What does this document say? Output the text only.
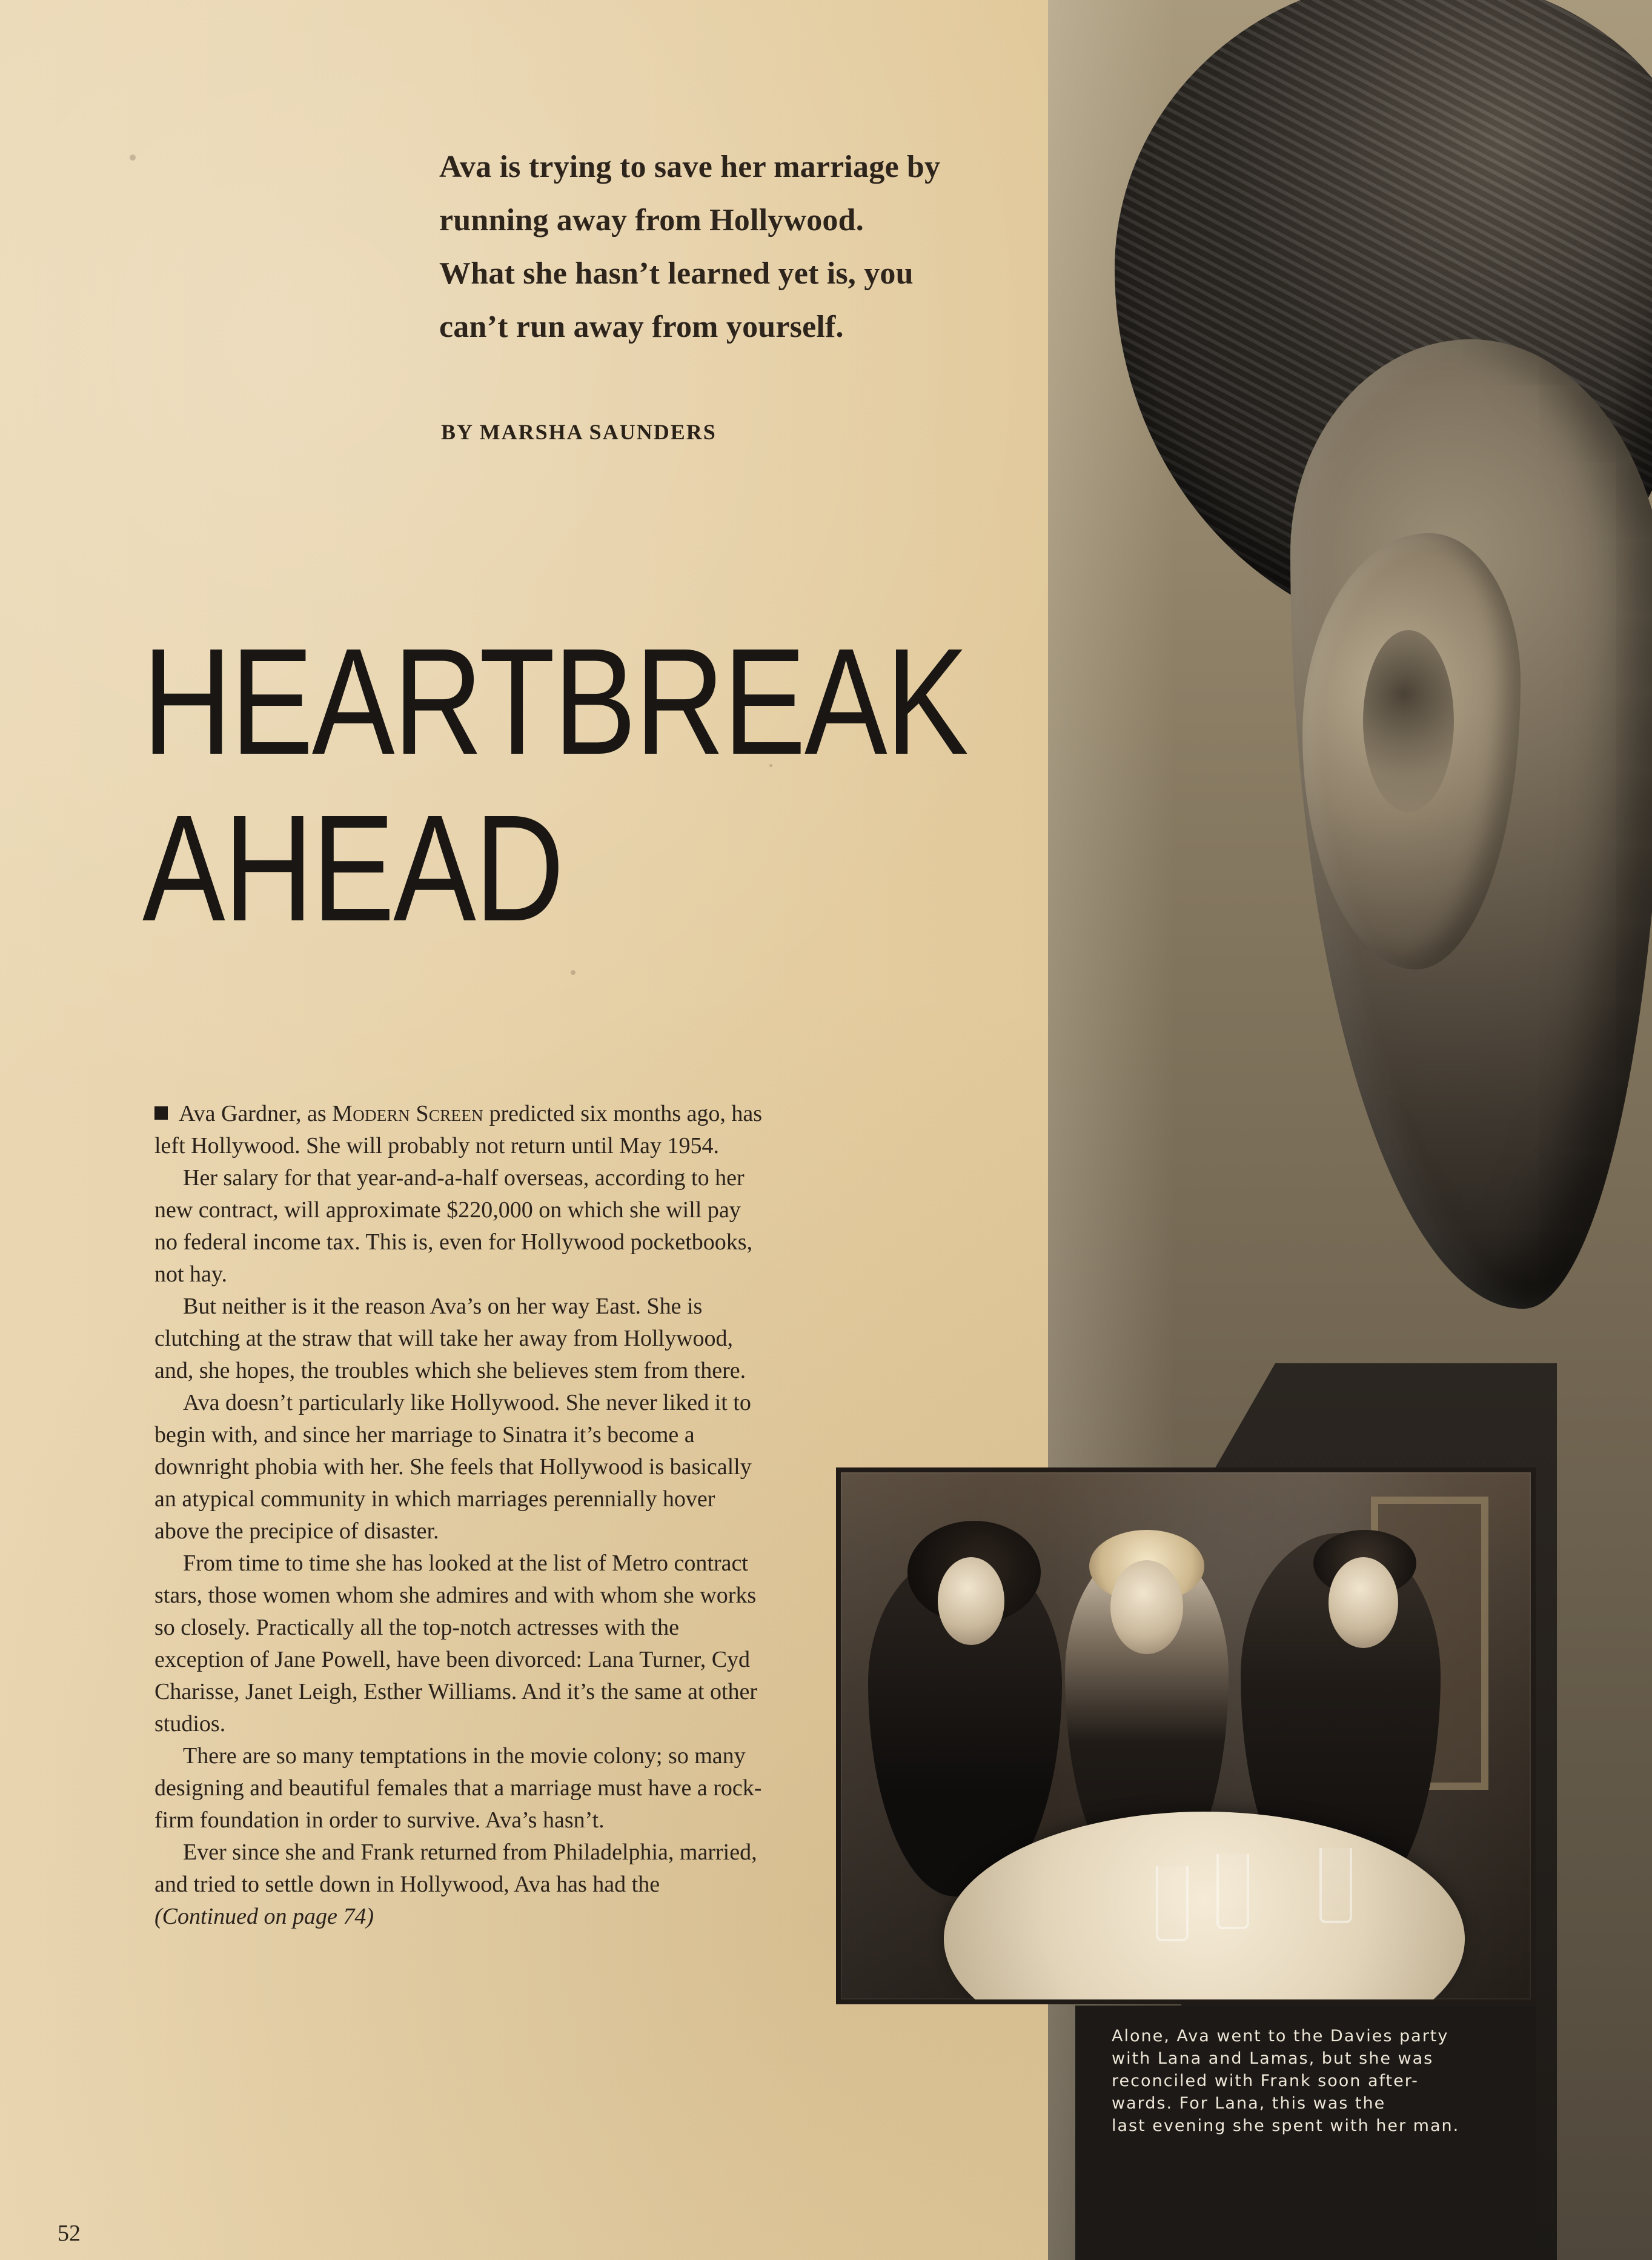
Ava is trying to save her marriage by running away from Hollywood. What she hasn’t learned yet is, you can’t run away from yourself.
BY MARSHA SAUNDERS
HEARTBREAK
AHEAD

Ava Gardner, as Modern Screen predicted six months ago, has left Hollywood. She will probably not return until May 1954.

Her salary for that year-and-a-half overseas, according to her new contract, will approximate $220,000 on which she will pay no federal income tax. This is, even for Hollywood pocketbooks, not hay.

But neither is it the reason Ava’s on her way East. She is clutching at the straw that will take her away from Hollywood, and, she hopes, the troubles which she believes stem from there.

Ava doesn’t particularly like Hollywood. She never liked it to begin with, and since her marriage to Sinatra it’s become a downright phobia with her. She feels that Hollywood is basically an atypical community in which marriages perennially hover above the precipice of disaster.

From time to time she has looked at the list of Metro contract stars, those women whom she admires and with whom she works so closely. Practically all the top-notch actresses with the exception of Jane Powell, have been divorced: Lana Turner, Cyd Charisse, Janet Leigh, Esther Williams. And it’s the same at other studios.

There are so many temptations in the movie colony; so many designing and beautiful females that a marriage must have a rock-firm foundation in order to survive. Ava’s hasn’t.

Ever since she and Frank returned from Philadelphia, married, and tried to settle down in Hollywood, Ava has had the (Continued on page 74)

Alone, Ava went to the Davies party

with Lana and Lamas, but she was

reconciled with Frank soon after-

wards. For Lana, this was the

last evening she spent with her man.

52
